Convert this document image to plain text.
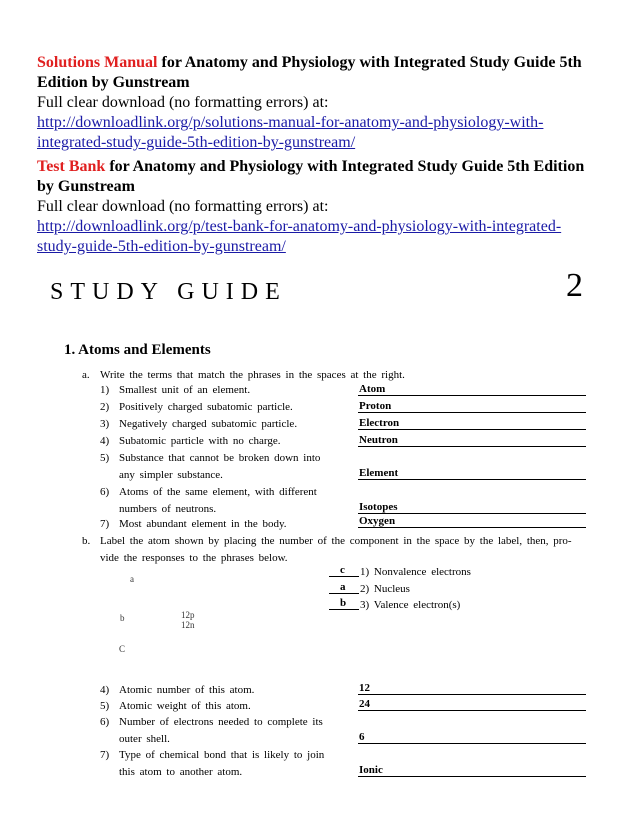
Solutions Manual for Anatomy and Physiology with Integrated Study Guide 5th Edition by Gunstream
Full clear download (no formatting errors) at:
http://downloadlink.org/p/solutions-manual-for-anatomy-and-physiology-with-
integrated-study-guide-5th-edition-by-gunstream/
Test Bank for Anatomy and Physiology with Integrated Study Guide 5th Edition by Gunstream
Full clear download (no formatting errors) at:
http://downloadlink.org/p/test-bank-for-anatomy-and-physiology-with-integrated-
study-guide-5th-edition-by-gunstream/
STUDY GUIDE	2
1. Atoms and Elements
a. Write the terms that match the phrases in the spaces at the right.
1) Smallest unit of an element.	Atom
2) Positively charged subatomic particle.	Proton
3) Negatively charged subatomic particle.	Electron
4) Subatomic particle with no charge.	Neutron
5) Substance that cannot be broken down into
any simpler substance.	Element
6) Atoms of the same element, with different
numbers of neutrons.	Isotopes
7) Most abundant element in the body.	Oxygen
b. Label the atom shown by placing the number of the component in the space by the label, then, pro-
vide the responses to the phrases below.
c 1) Nonvalence electrons
a 2) Nucleus
b 3) Valence electron(s)
a
b	12p
12n
C
4) Atomic number of this atom.	12
5) Atomic weight of this atom.	24
6) Number of electrons needed to complete its
outer shell.	6
7) Type of chemical bond that is likely to join
this atom to another atom.	Ionic
